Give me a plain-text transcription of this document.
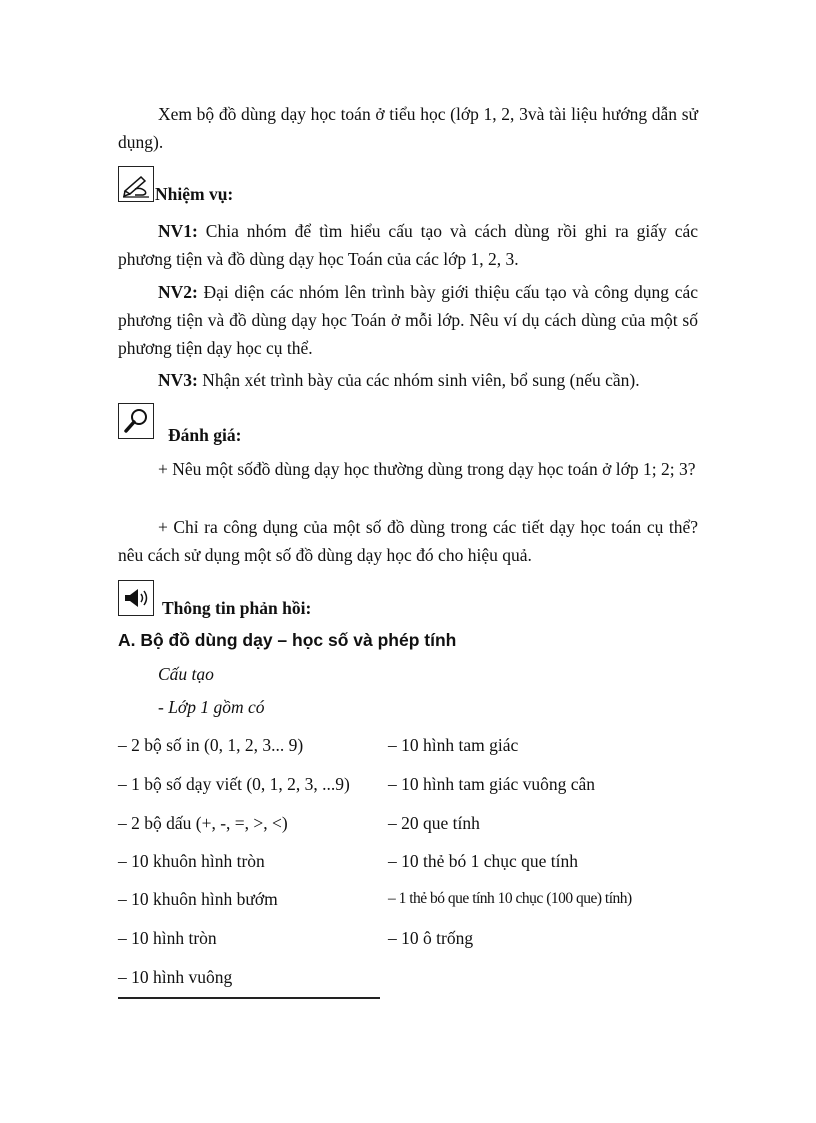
Xem bộ đồ dùng dạy học toán ở tiểu học (lớp 1, 2, 3và tài liệu hướng dẫn sử dụng).
Nhiệm vụ:
NV1: Chia nhóm để tìm hiểu cấu tạo và cách dùng rồi ghi ra giấy các phương tiện và đồ dùng dạy học Toán của các lớp 1, 2, 3.
NV2: Đại diện các nhóm lên trình bày giới thiệu cấu tạo và công dụng các phương tiện và đồ dùng dạy học Toán ở mỗi lớp. Nêu ví dụ cách dùng của một số phương tiện dạy học cụ thể.
NV3: Nhận xét trình bày của các nhóm sinh viên, bổ sung (nếu cần).
Đánh giá:
+ Nêu một sốđồ dùng dạy học thường dùng trong dạy học toán ở lớp 1; 2; 3?
+ Chỉ ra công dụng của một số đồ dùng trong các tiết dạy học toán cụ thể? nêu cách sử dụng một số đồ dùng dạy học đó cho hiệu quả.
Thông tin phản hồi:
A. Bộ đồ dùng dạy – học số và phép tính
Cấu tạo
- Lớp 1 gồm có
– 2 bộ số in (0, 1, 2, 3... 9)
– 1 bộ số dạy viết (0, 1, 2, 3, ...9)
– 2 bộ dấu (+, -, =, >, <)
– 10 khuôn hình tròn
– 10 khuôn hình bướm
– 10 hình tròn
– 10 hình vuông
– 10 hình tam giác
– 10 hình tam giác vuông cân
– 20 que tính
– 10 thẻ bó 1 chục que tính
– 1 thẻ bó que tính 10 chục (100 que) tính)
– 10 ô trống
